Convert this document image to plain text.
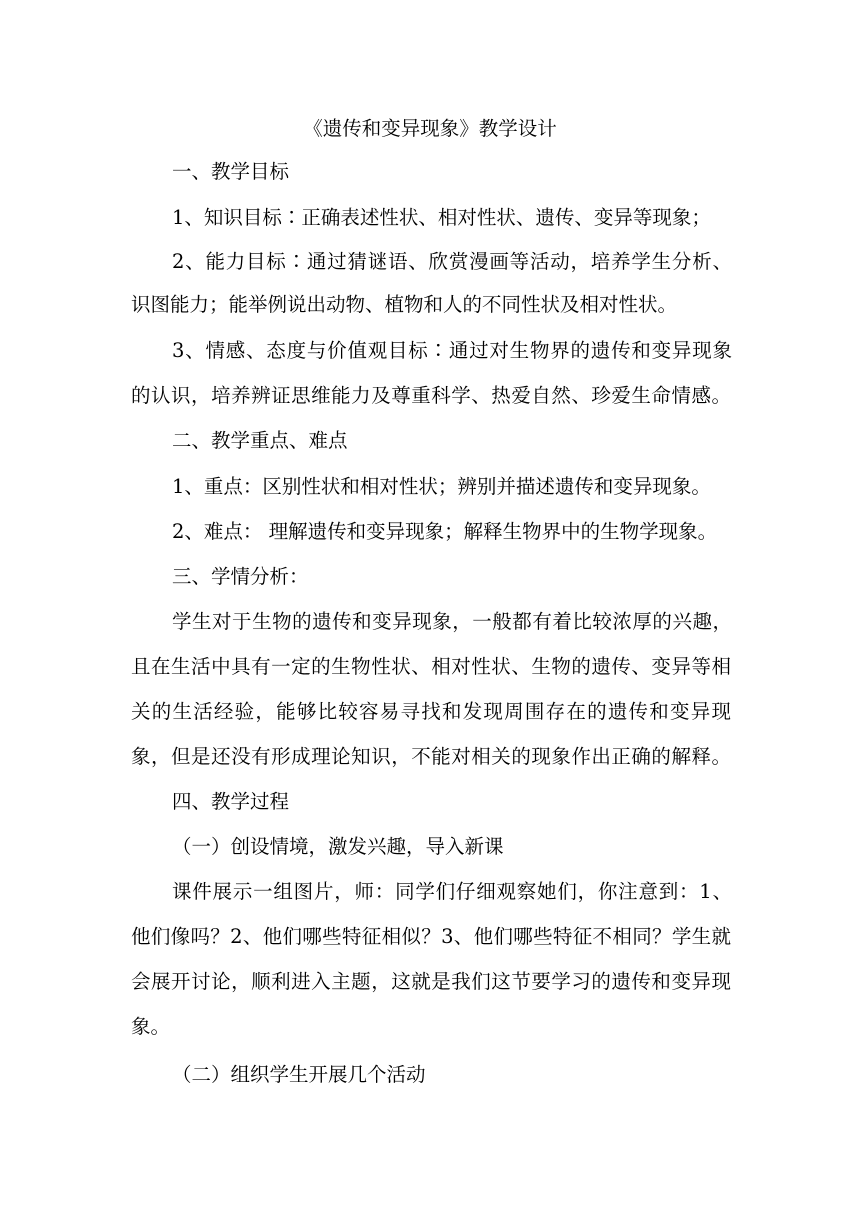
《遗传和变异现象》教学设计
一、教学目标
1、知识目标∶正确表述性状、相对性状、遗传、变异等现象；
2、能力目标∶通过猜谜语、欣赏漫画等活动，培养学生分析、
识图能力；能举例说出动物、植物和人的不同性状及相对性状。
3、情感、态度与价值观目标∶通过对生物界的遗传和变异现象
的认识，培养辨证思维能力及尊重科学、热爱自然、珍爱生命情感。
二、教学重点、难点
1、重点：区别性状和相对性状；辨别并描述遗传和变异现象。
2、难点： 理解遗传和变异现象；解释生物界中的生物学现象。
三、学情分析：
学生对于生物的遗传和变异现象，一般都有着比较浓厚的兴趣，
且在生活中具有一定的生物性状、相对性状、生物的遗传、变异等相
关的生活经验，能够比较容易寻找和发现周围存在的遗传和变异现
象，但是还没有形成理论知识，不能对相关的现象作出正确的解释。
四、教学过程
（一）创设情境，激发兴趣，导入新课
课件展示一组图片，师：同学们仔细观察她们，你注意到：1、
他们像吗？2、他们哪些特征相似？3、他们哪些特征不相同？学生就
会展开讨论，顺利进入主题，这就是我们这节要学习的遗传和变异现
象。
（二）组织学生开展几个活动
